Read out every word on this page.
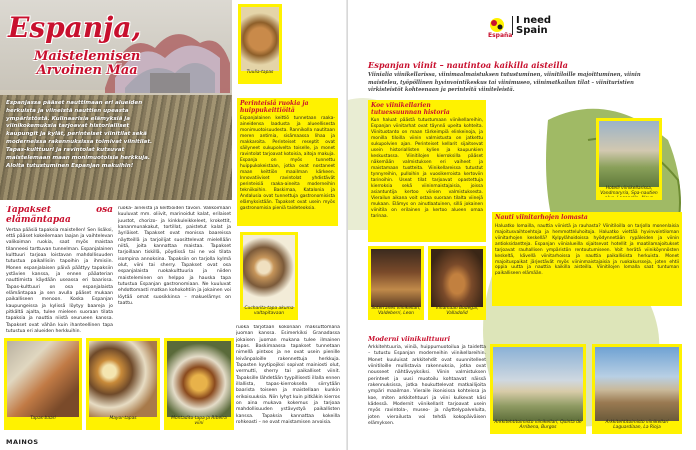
Espanja,
Maistelemisen
Arvoinen Maa
Espanjassa pääset nauttimaan eri alueiden herkuista ja viineistä nauttien upeasta ympäristöstä. Kulinaarisia elämyksiä ja viinikokemuksia tarjoavat historialliset kaupungit ja kylät, perinteiset viinitilat sekä moderneissa rakennuksissa toimivat viinitilat. Tapas-kulttuuri ja ravintolat kutsuvat maistelemaan maan monimuotoisia herkkuja. Aloita tutustuminen Espanjan makuihin!
Tuulia-tapas
Tapakset osa elämäntapaa
Vertaa pääsiä tapaksia maistellen! Sen lisäksi, että pääset kokeilemaan laajan ja vaihtelevan valikoiman ruokia, saat myös maistaa tilanneesi tarttuvan tunnelman. Espanjalainen kulttuuri tarjoaa loistavan mahdollisuuden tutustua paikallisiin tapoihin ja ihmisiin. Monen espanjalaisen päivä päättyy tapaksiin ystävien kanssa, ja ennen pääaterian nauttimista käydään useassa eri baarissa. Tapas-kulttuuri on osa espanjalaista elämäntapaa ja sen avulla pääset mukaan paikalliseen menoon. Koska Espanjan kaupungeissa ja kylissä löytyy baareja jo pitkältä ajalta, tulee mieleen suoraan tilata tapaksia ja nauttia niistä seurueen kanssa. Tapakset ovat vähän kuin ihanteellinen tapa tutustua eri alueiden herkkuihin.
ruoka- aineista ja keittiöiden tavoin. Valikoimaan kuuluvat mm. oliivit, marinoidut kalat, erilaiset juustot, chorizo- ja kinkkuleikkeleet, krokettit, kananmunakakut, tortillat, paistetut kalat ja äyriäiset. Tapakset ovat monissa baareissa näytteillä ja tarjoilijat suosittelevat mielellään niitä, joita kannattaa maistaa. Tapakset tarjoillaan tiskillä, pöydissä tai ne voi tilata isompina annoksina. Tapaksiin on tarjolla kylmä olut, viini tai sherry. Tapakset ovat osa espanjalaista ruokakulttuuria ja niiden maisteleminen on helppo ja hauska tapa tutustua Espanjan gastronomiaan. Ne kuuluvat ehdottomasti matkan kohokohtiin ja jokainen voi löytää omat suosikkinsa – makuelämys on taattu.
Perinteisiä ruokia ja
huippukeittiöitä
Espanjalainen keittiö tunnetaan raaka-aineidensa laadusta ja alueellisesta monimuotoisuudesta. Rannikolla nautitaan meren antimia, sisämaassa lihaa ja makkaroita. Perinteiset reseptit ovat säilyneet sukupolvelta toiselle, ja monet ravintolat tarjoavat kotoisia, aitoja makuja. Espanja on myös tunnettu huippukokeistaan, jotka ovat nostaneet maan keittiön maailman kärkeen. Innovatiiviset ravintolat yhdistävät perinteisiä raaka-aineita moderneihin tekniikoihin. Baskimaa, Katalonia ja Andalusia ovat tunnettuja gastronomisista elämyksistään. Tapakset ovat usein myös gastronomisia pieniä taideteoksia.
Cucharita-tapa akuma valtapitavaan
ruoka tarjotaan kokonaan maksuttomana juoman kanssa. Esimerkiksi Granadassa jokaisen juoman mukana tulee ilmainen tapas. Baskimaassa tapakset tunnetaan nimellä pintxos ja ne ovat usein pienille leivänpaloille rakennettuja herkkuja. Tapasten kyytipojiksi sopivat mainiosti olut, vermutti, sherry tai paikalliset viinit. Tapaksille lähdetään tyypillisesti illalla ennen illallista, tapas-kierroksella siirrytään baarista toiseen ja maistellaan kunkin erikoisuuksia. Niin lyhyt kuin pitkäkin kierros on aina mukava kokemus ja tarjoaa mahdollisuuden ystävystyä paikallisten kanssa. Tapaksia kannattaa kokeilla rohkeasti – ne ovat maistamisen arvoisia.
Tapas-baari	Mayor-tapas	Montadito-tapa ja Ribeira viini
MAINOS
España
I need
Spain
Espanjan viinit – nautintoa kaikilla aisteilla
Viinialia viinikellarissa, viinimaalmaistuksen tutustuminen, viinitiloille majoittuminen, viinin maisteleu, työpöllinen hyvinvointikeskus tai viinimuseo, viinimatkailun tilat – viinituristien virkisteistöt kohteenaan ja perinteitä viiniteleistä.
Koe viinikellarien tutuessuunnan historia
Kun haluat päästä tutustumaan viinikellareihin, Espanjan viinitarhat ovat täynnä upeita kohteita. Viinituotanto on maan tärkeimpiä elinkeinoja, ja monilla tiloilla viinin valmistusta on jatkettu sukupolvien ajan. Perinteiset kellarit sijaitsevat usein historiallisten kylien ja kaupunkien keskustassa. Viinitilojen kierroksilla pääset näkemään valmistuksen eri vaiheet ja maistamaan tuotteita. Viinikellareissa tutustut tynnyreihin, pulloihin ja vuosikerroista kertoviin tarinoihin. Useat tilat tarjoavat opastettuja kierroksia sekä viininmaistajaisia, joissa asiantuntija kertoo viinien valmistuksesta. Vierailun aikana voit ostaa suoraan tilalta viinejä mukaan. Elämys on ainutlaatuinen, sillä jokainen viinitila on erilainen ja kertoo alueen omaa tarinaa.
Soterranes viinikellari, Valdeberri, Leon
Vinamaan Bodegai, Valladolid
Hotelli viinikellarissa, Vandmaryria, Spa-nautien alue, Lagonelle, Alava
Nauti viinitarhojen lomasta
Haluatko lomailla, nauttia viinistä ja rauhasta? Viinitiloilla on tarjolla monenlaisia majoitusvaihtoehtoja ja hemmotteluhoitoja. Haluatko viettää hyvinvointiloman viinitarhojen keskellä? Kylpylähoidoissa hyödynnetään rypäleiden ja viinin antioksidantteja. Espanjan viinialueilla sijaitsevat hotellit ja maatilamajoitukset tarjoavat rauhallisen ympäristön rentoutumiseen. Voit herätä viiniköynnösten keskeltä, kävellä viinitarhoissa ja nauttia paikallisista herkuista. Monet majoituspaikat järjestävät myös viininmaistajaisia ja ruokakursseja, joten ehtii oppia uutta ja nauttia kaikilla aisteilla. Viinitilojen lomalla saat tuntuman paikalliseen elämään.
Moderni viinikulttuuri
Arkkitehtuuria, viiniä, huippumuotoilua ja taidetta – tutustu Espanjan moderneihin viinikellareihin. Monet kuuluisat arkkitehdit ovat suunnitelleet viinitiloille mullistavia rakennuksia, jotka ovat nousseet nähtävyyksiksi. Viinin valmistuksen perinteet ja uusi muotoilu kohtaavat näissä rakennuksissa, jotka houkuttelevat matkailijoita ympäri maailman. Vieraile ikonisissa kohteissa ja koe, miten arkkitehtuuri ja viini kulkevat käsi kädessä. Modernit viinikellarit tarjoavat usein myös ravintola-, museo- ja näyttelypalveluita, joten vierailusta voi tehdä kokopäiväisen elämyksen.	Arkkitehtitoimisto viinikellari, Quinta de Arribena, Burgos
Arkkitehtitoimisto viinikellari Laguardiaan, La Rioja
